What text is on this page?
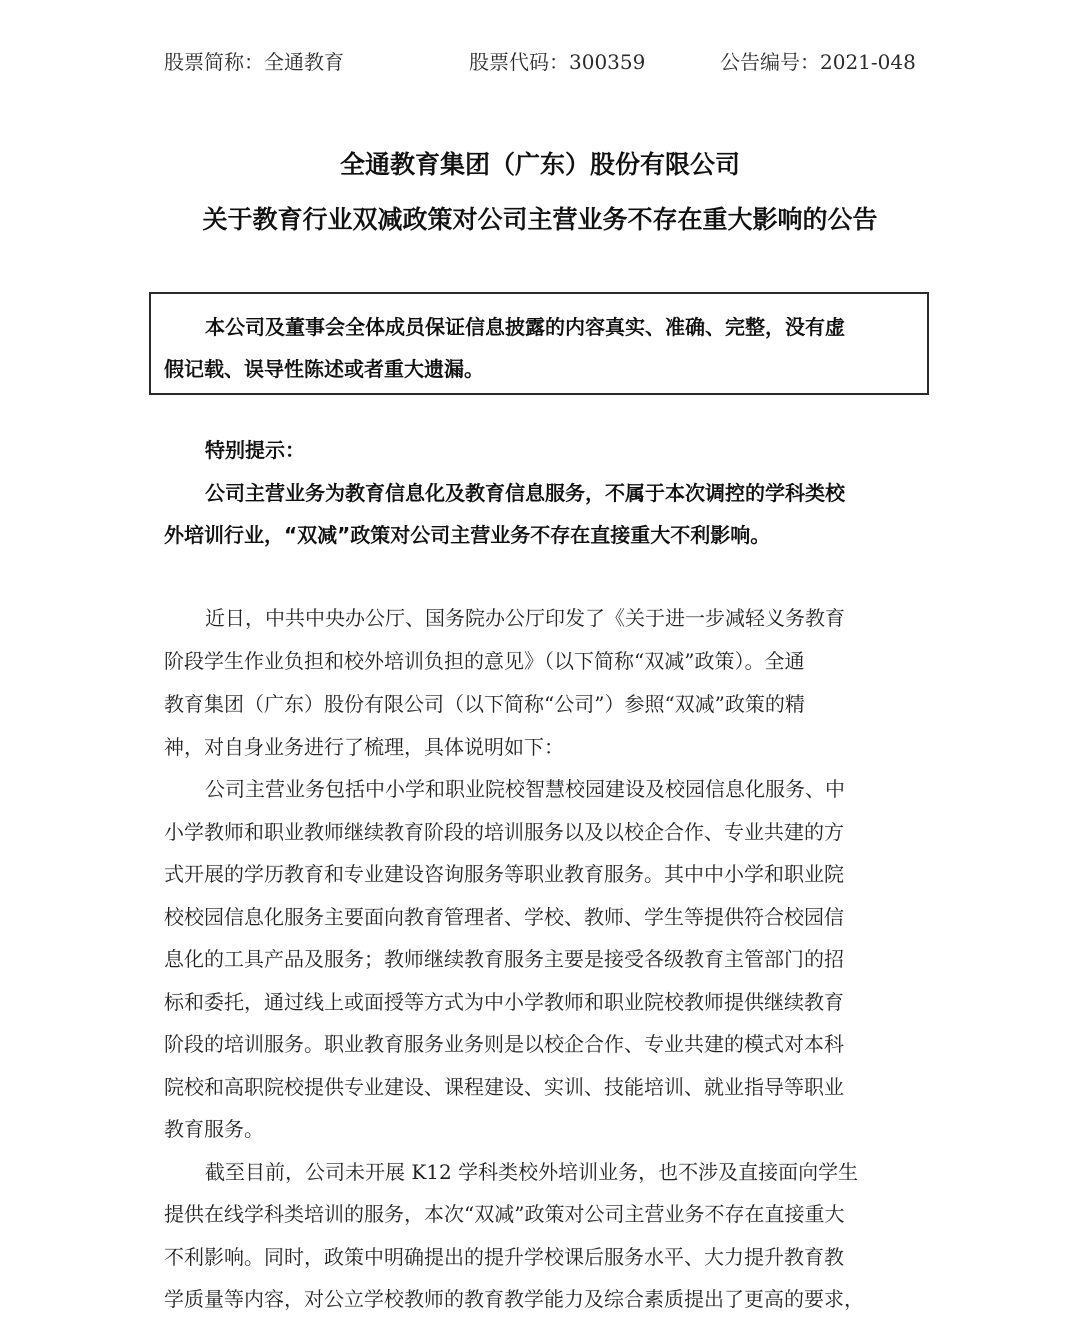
股票简称：全通教育	股票代码：300359	公告编号：2021-048
全通教育集团（广东）股份有限公司
关于教育行业双减政策对公司主营业务不存在重大影响的公告
本公司及董事会全体成员保证信息披露的内容真实、准确、完整，没有虚
假记载、误导性陈述或者重大遗漏。
特别提示：
公司主营业务为教育信息化及教育信息服务，不属于本次调控的学科类校
外培训行业，“双减”政策对公司主营业务不存在直接重大不利影响。
近日，中共中央办公厅、国务院办公厅印发了《关于进一步减轻义务教育
阶段学生作业负担和校外培训负担的意见》（以下简称“双减”政策）。全通
教育集团（广东）股份有限公司（以下简称“公司”）参照“双减”政策的精
神，对自身业务进行了梳理，具体说明如下：
公司主营业务包括中小学和职业院校智慧校园建设及校园信息化服务、中
小学教师和职业教师继续教育阶段的培训服务以及以校企合作、专业共建的方
式开展的学历教育和专业建设咨询服务等职业教育服务。其中中小学和职业院
校校园信息化服务主要面向教育管理者、学校、教师、学生等提供符合校园信
息化的工具产品及服务；教师继续教育服务主要是接受各级教育主管部门的招
标和委托，通过线上或面授等方式为中小学教师和职业院校教师提供继续教育
阶段的培训服务。职业教育服务业务则是以校企合作、专业共建的模式对本科
院校和高职院校提供专业建设、课程建设、实训、技能培训、就业指导等职业
教育服务。
截至目前，公司未开展 K12 学科类校外培训业务，也不涉及直接面向学生
提供在线学科类培训的服务，本次“双减”政策对公司主营业务不存在直接重大
不利影响。同时，政策中明确提出的提升学校课后服务水平、大力提升教育教
学质量等内容，对公立学校教师的教育教学能力及综合素质提出了更高的要求，
